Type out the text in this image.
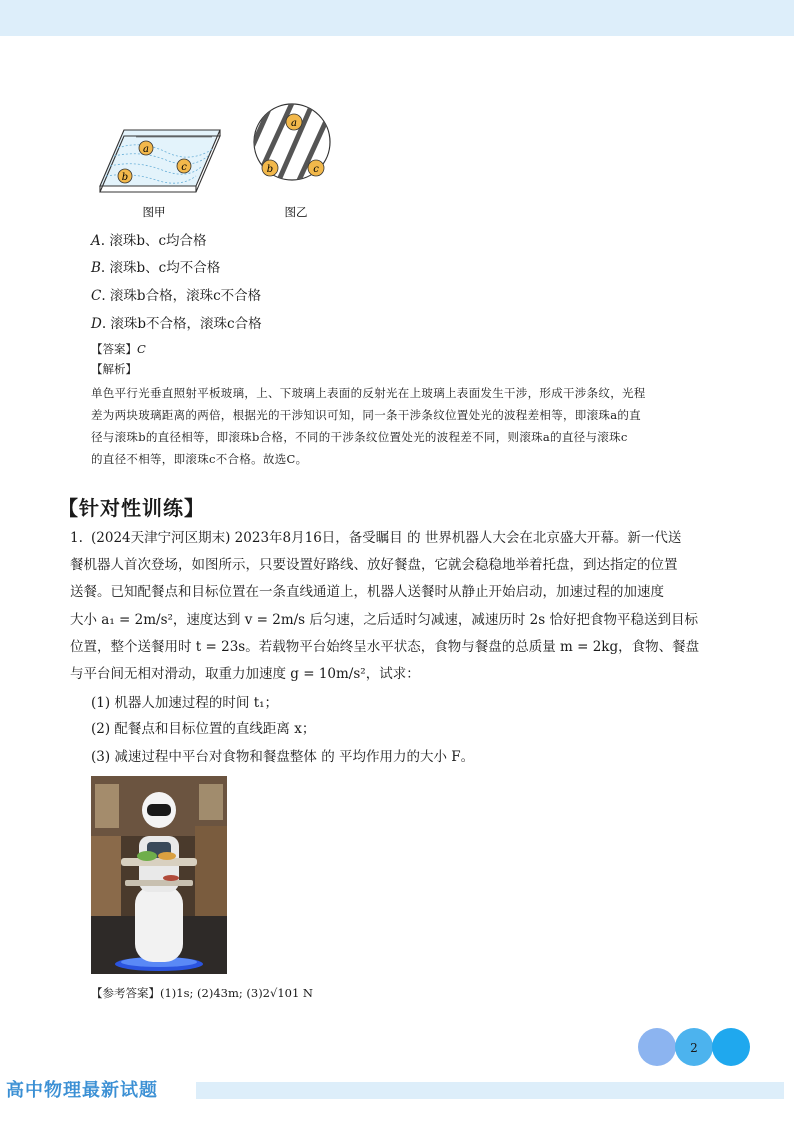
a
b
c
图甲
a
b	c
图乙
A. 滚珠b、c均合格
B. 滚珠b、c均不合格
C. 滚珠b合格，滚珠c不合格
D. 滚珠b不合格，滚珠c合格
【答案】C
【解析】

单色平行光垂直照射平板玻璃，上、下玻璃上表面的反射光在上玻璃上表面发生干涉，形成干涉条纹，光程

差为两块玻璃距离的两倍，根据光的干涉知识可知，同一条干涉条纹位置处光的波程差相等，即滚珠a的直

径与滚珠b的直径相等，即滚珠b合格，不同的干涉条纹位置处光的波程差不同，则滚珠a的直径与滚珠c

的直径不相等，即滚珠c不合格。故选C。

【针对性训练】
1. (2024天津宁河区期末) 2023年8月16日，备受瞩目 的 世界机器人大会在北京盛大开幕。新一代送

餐机器人首次登场，如图所示，只要设置好路线、放好餐盘，它就会稳稳地举着托盘，到达指定的位置

送餐。已知配餐点和目标位置在一条直线通道上，机器人送餐时从静止开始启动，加速过程的加速度

大小 a₁ = 2m/s²，速度达到 v = 2m/s 后匀速，之后适时匀减速，减速历时 2s 恰好把食物平稳送到目标

位置，整个送餐用时 t = 23s。若载物平台始终呈水平状态，食物与餐盘的总质量 m = 2kg，食物、餐盘

与平台间无相对滑动，取重力加速度 g = 10m/s²，试求：

(1) 机器人加速过程的时间 t₁；
(2) 配餐点和目标位置的直线距离 x；
(3) 减速过程中平台对食物和餐盘整体 的 平均作用力的大小 F。
【参考答案】(1)1s; (2)43m; (3)2√101 N
2
高中物理最新试题
